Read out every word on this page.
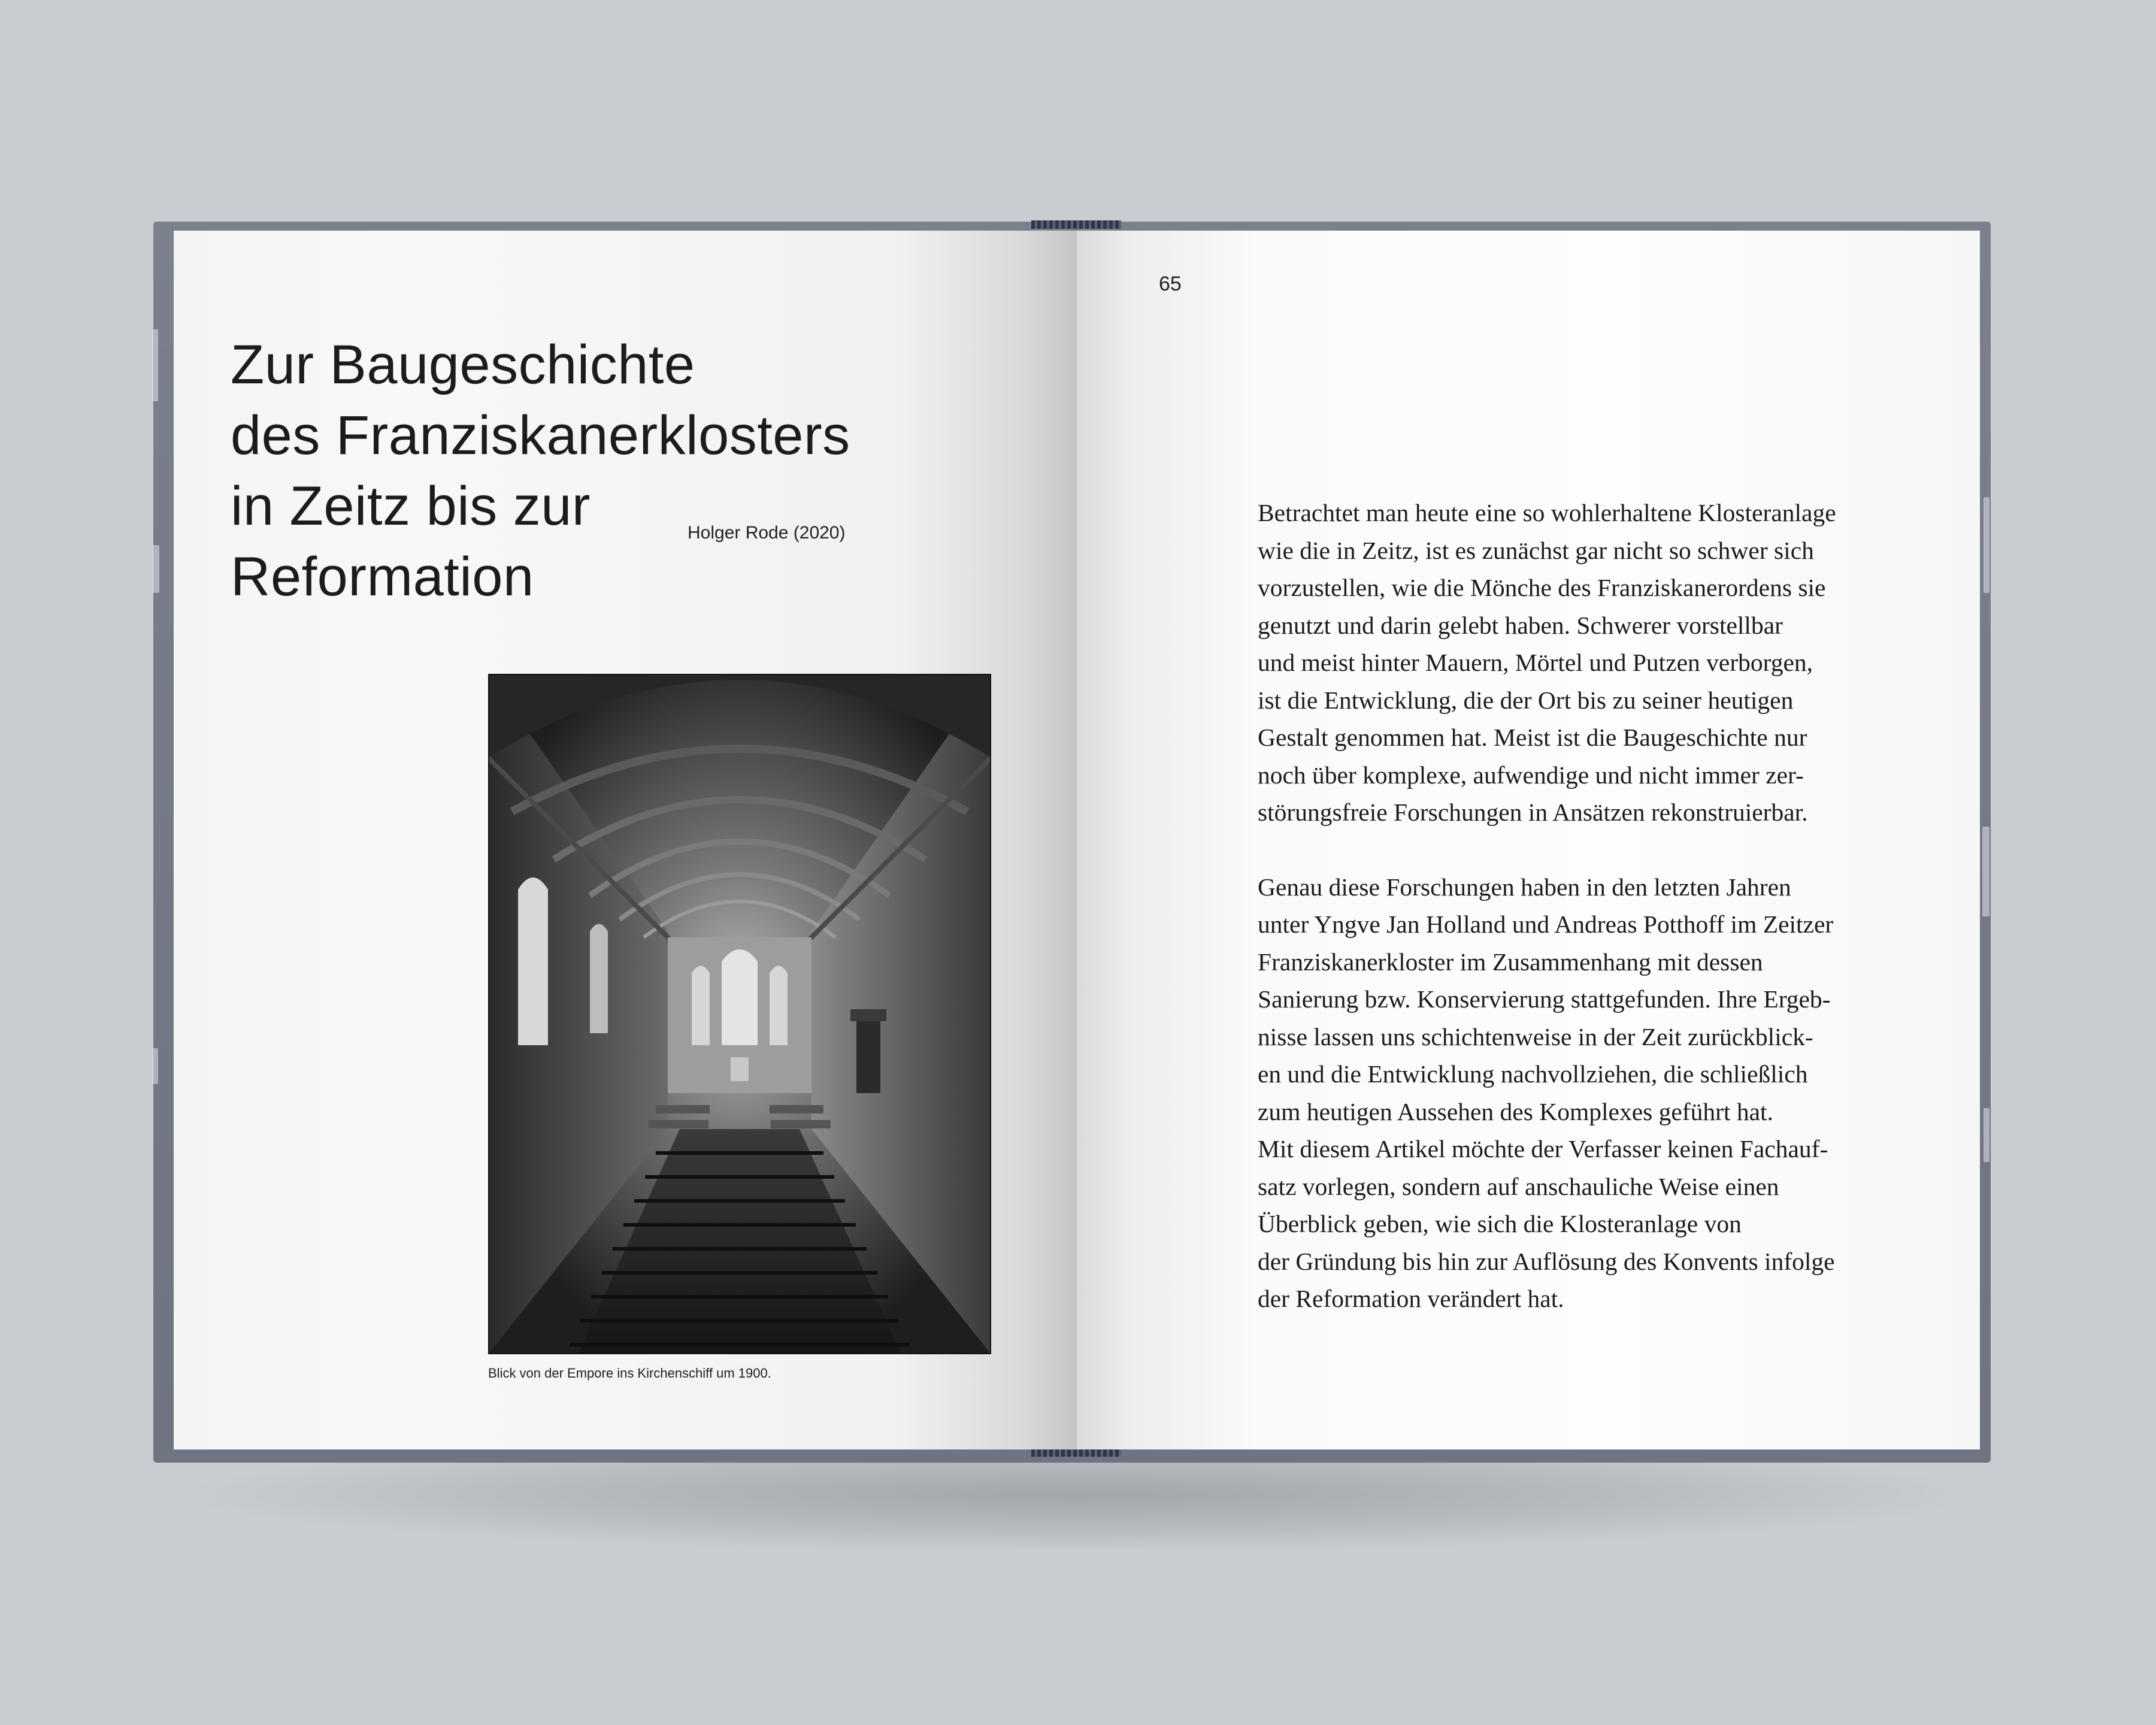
Zur Baugeschichte
des Franziskanerklosters
in Zeitz bis zur
Reformation
Holger Rode (2020)
Blick von der Empore ins Kirchenschiff um 1900.
65

Betrachtet man heute eine so wohlerhaltene Klosteranlage
wie die in Zeitz, ist es zunächst gar nicht so schwer sich
vorzustellen, wie die Mönche des Franziskanerordens sie
genutzt und darin gelebt haben. Schwerer vorstellbar
und meist hinter Mauern, Mörtel und Putzen verborgen,
ist die Entwicklung, die der Ort bis zu seiner heutigen
Gestalt genommen hat. Meist ist die Baugeschichte nur
noch über komplexe, aufwendige und nicht immer zer-
störungsfreie Forschungen in Ansätzen rekonstruierbar.

Genau diese Forschungen haben in den letzten Jahren
unter Yngve Jan Holland und Andreas Potthoff im Zeitzer
Franziskanerkloster im Zusammenhang mit dessen
Sanierung bzw. Konservierung stattgefunden. Ihre Ergeb-
nisse lassen uns schichtenweise in der Zeit zurückblick-
en und die Entwicklung nachvollziehen, die schließlich
zum heutigen Aussehen des Komplexes geführt hat.
Mit diesem Artikel möchte der Verfasser keinen Fachauf-
satz vorlegen, sondern auf anschauliche Weise einen
Überblick geben, wie sich die Klosteranlage von
der Gründung bis hin zur Auflösung des Konvents infolge
der Reformation verändert hat.
